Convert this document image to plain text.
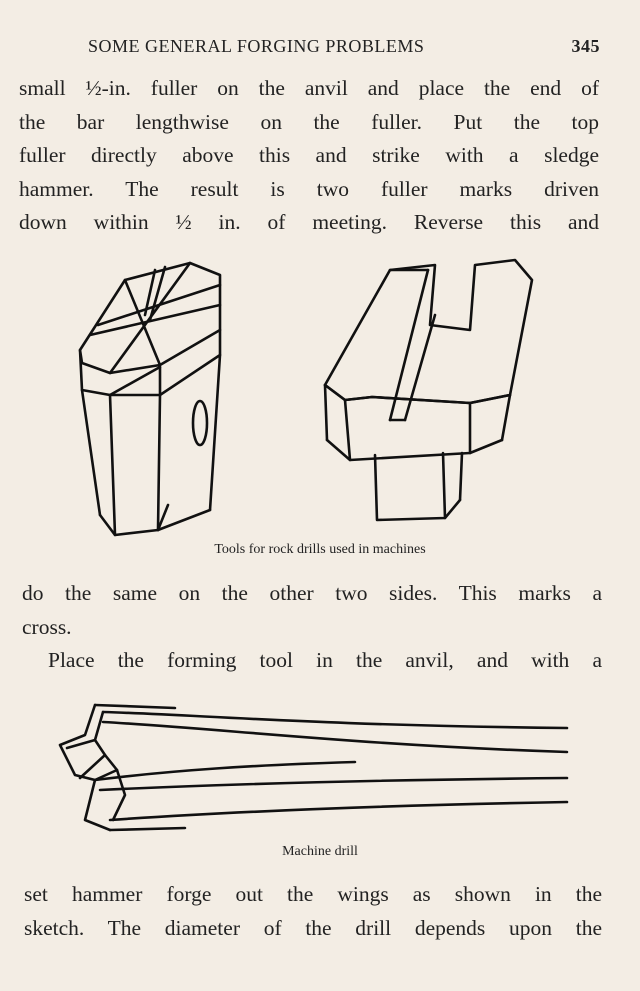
SOME GENERAL FORGING PROBLEMS	345
small ½-in. fuller on the anvil and place the end of
the bar lengthwise on the fuller. Put the top
fuller directly above this and strike with a sledge
hammer. The result is two fuller marks driven
down within ½ in. of meeting. Reverse this and
Tools for rock drills used in machines
do the same on the other two sides. This marks a
cross.
Place the forming tool in the anvil, and with a
Machine drill
set hammer forge out the wings as shown in the
sketch. The diameter of the drill depends upon the
